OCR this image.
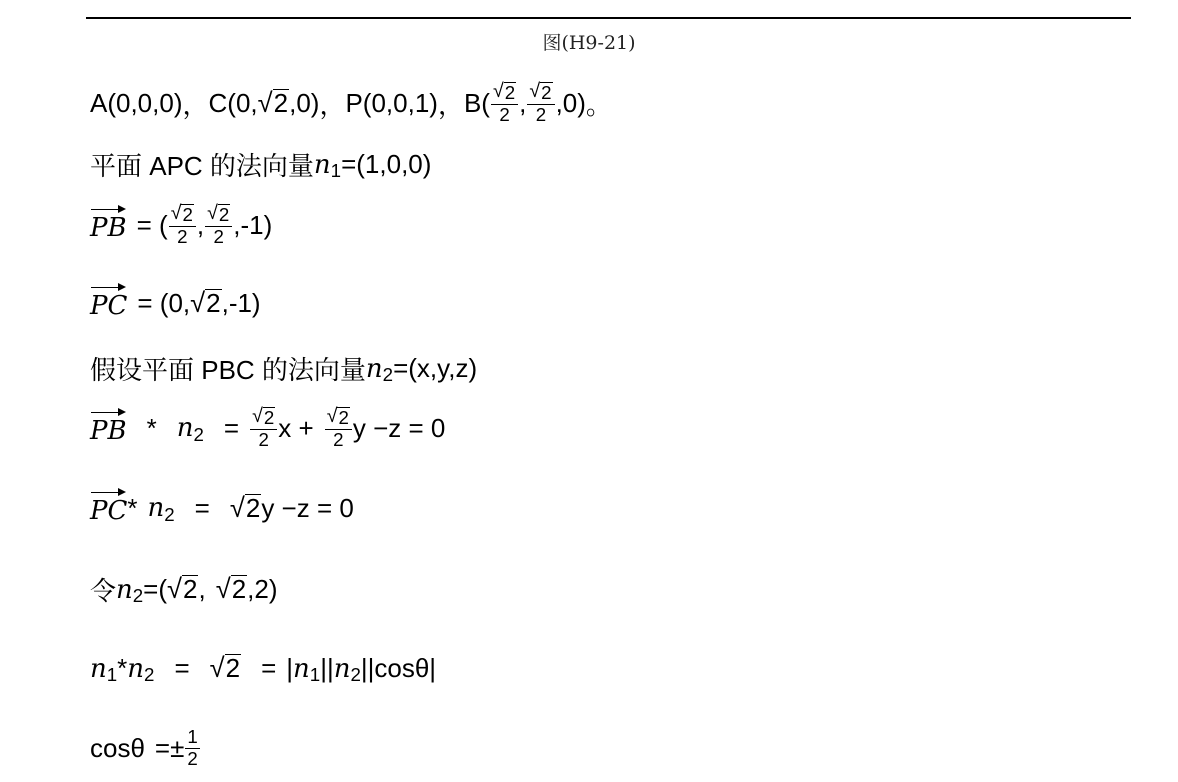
图(H9-21)
A(0,0,0) ， C(0, √ 2 ,0) ， P(0,0,1) ， $B( \frac{√ 2}{2}$ , $\frac{√ 2}{2} ,0$) 。
平面 APC 的法向量 n 1 =(1,0,0)
PB = ( $\frac{√ 2}{2}$ , $\frac{√ 2}{2} ,-1$)
PC = (0, √ 2 ,-1)
假设平面 PBC 的法向量 n 2 =(x,y,z)
PB * n $2 = \frac{√ 2}{2}$ $x + \frac{√ 2}{2}$ y −z = 0
PC * n 2 = √ 2 y −z = 0
令 n 2 =( √ 2 , √ 2 ,2)
n 1 * n 2 = √ 2 = | n 1 || n 2 || cosθ|
$\cos\theta =\pm \frac{1}{2}$
